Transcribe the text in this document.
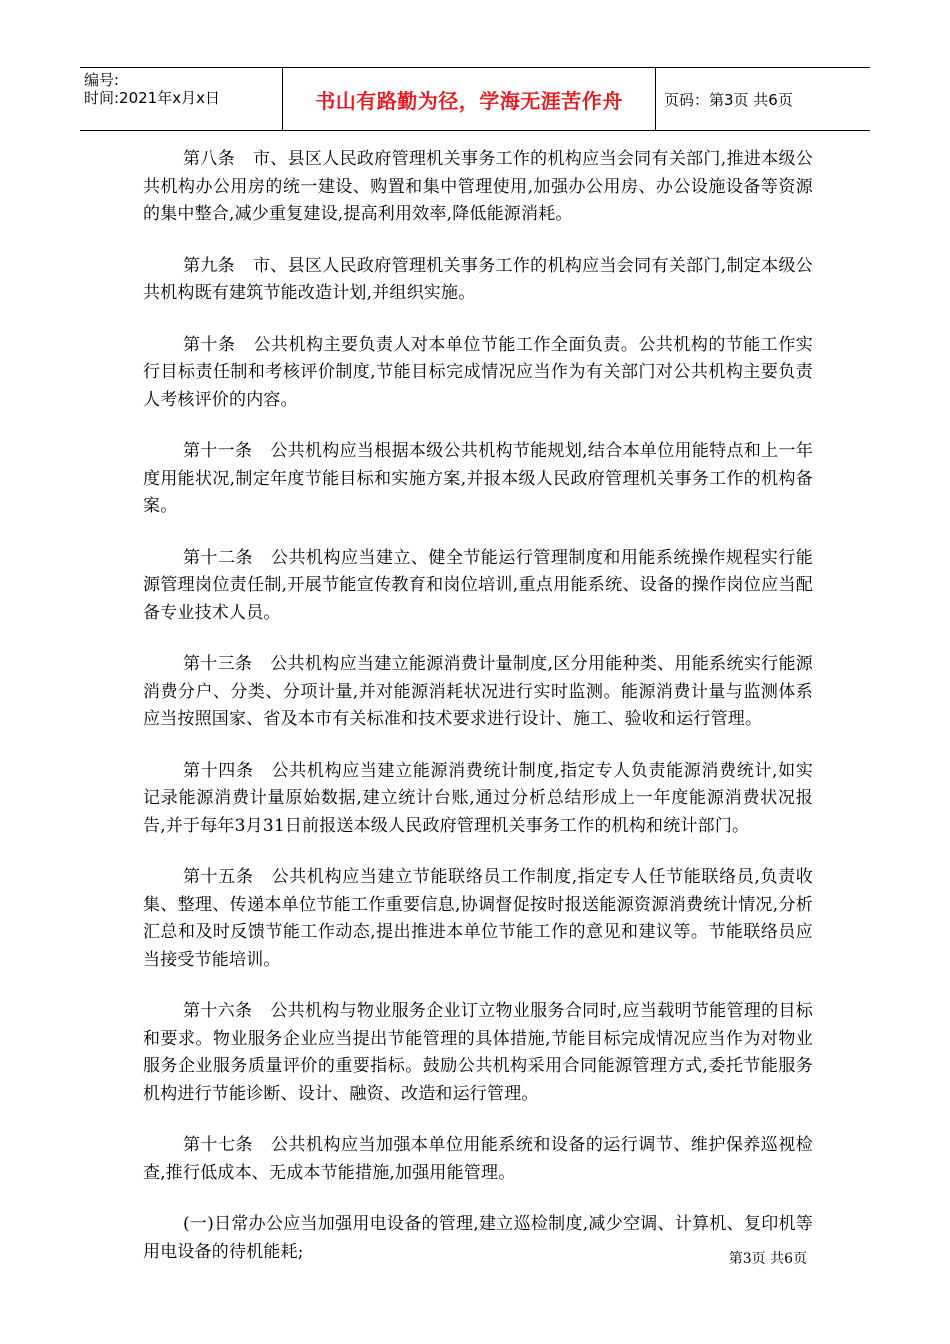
编号:
时间:2021年x月x日	书山有路勤为径，学海无涯苦作舟	页码：第3页 共6页

第八条 市、县区人民政府管理机关事务工作的机构应当会同有关部门,推进本级公共机构办公用房的统一建设、购置和集中管理使用,加强办公用房、办公设施设备等资源的集中整合,减少重复建设,提高利用效率,降低能源消耗。

第九条 市、县区人民政府管理机关事务工作的机构应当会同有关部门,制定本级公共机构既有建筑节能改造计划,并组织实施。

第十条 公共机构主要负责人对本单位节能工作全面负责。公共机构的节能工作实行目标责任制和考核评价制度,节能目标完成情况应当作为有关部门对公共机构主要负责人考核评价的内容。

第十一条 公共机构应当根据本级公共机构节能规划,结合本单位用能特点和上一年度用能状况,制定年度节能目标和实施方案,并报本级人民政府管理机关事务工作的机构备案。

第十二条 公共机构应当建立、健全节能运行管理制度和用能系统操作规程实行能源管理岗位责任制,开展节能宣传教育和岗位培训,重点用能系统、设备的操作岗位应当配备专业技术人员。

第十三条 公共机构应当建立能源消费计量制度,区分用能种类、用能系统实行能源消费分户、分类、分项计量,并对能源消耗状况进行实时监测。能源消费计量与监测体系应当按照国家、省及本市有关标准和技术要求进行设计、施工、验收和运行管理。

第十四条 公共机构应当建立能源消费统计制度,指定专人负责能源消费统计,如实记录能源消费计量原始数据,建立统计台账,通过分析总结形成上一年度能源消费状况报告,并于每年3月31日前报送本级人民政府管理机关事务工作的机构和统计部门。

第十五条 公共机构应当建立节能联络员工作制度,指定专人任节能联络员,负责收集、整理、传递本单位节能工作重要信息,协调督促按时报送能源资源消费统计情况,分析汇总和及时反馈节能工作动态,提出推进本单位节能工作的意见和建议等。节能联络员应当接受节能培训。

第十六条 公共机构与物业服务企业订立物业服务合同时,应当载明节能管理的目标和要求。物业服务企业应当提出节能管理的具体措施,节能目标完成情况应当作为对物业服务企业服务质量评价的重要指标。鼓励公共机构采用合同能源管理方式,委托节能服务机构进行节能诊断、设计、融资、改造和运行管理。

第十七条 公共机构应当加强本单位用能系统和设备的运行调节、维护保养巡视检查,推行低成本、无成本节能措施,加强用能管理。

(一)日常办公应当加强用电设备的管理,建立巡检制度,减少空调、计算机、复印机等用电设备的待机能耗;	第3页 共6页
